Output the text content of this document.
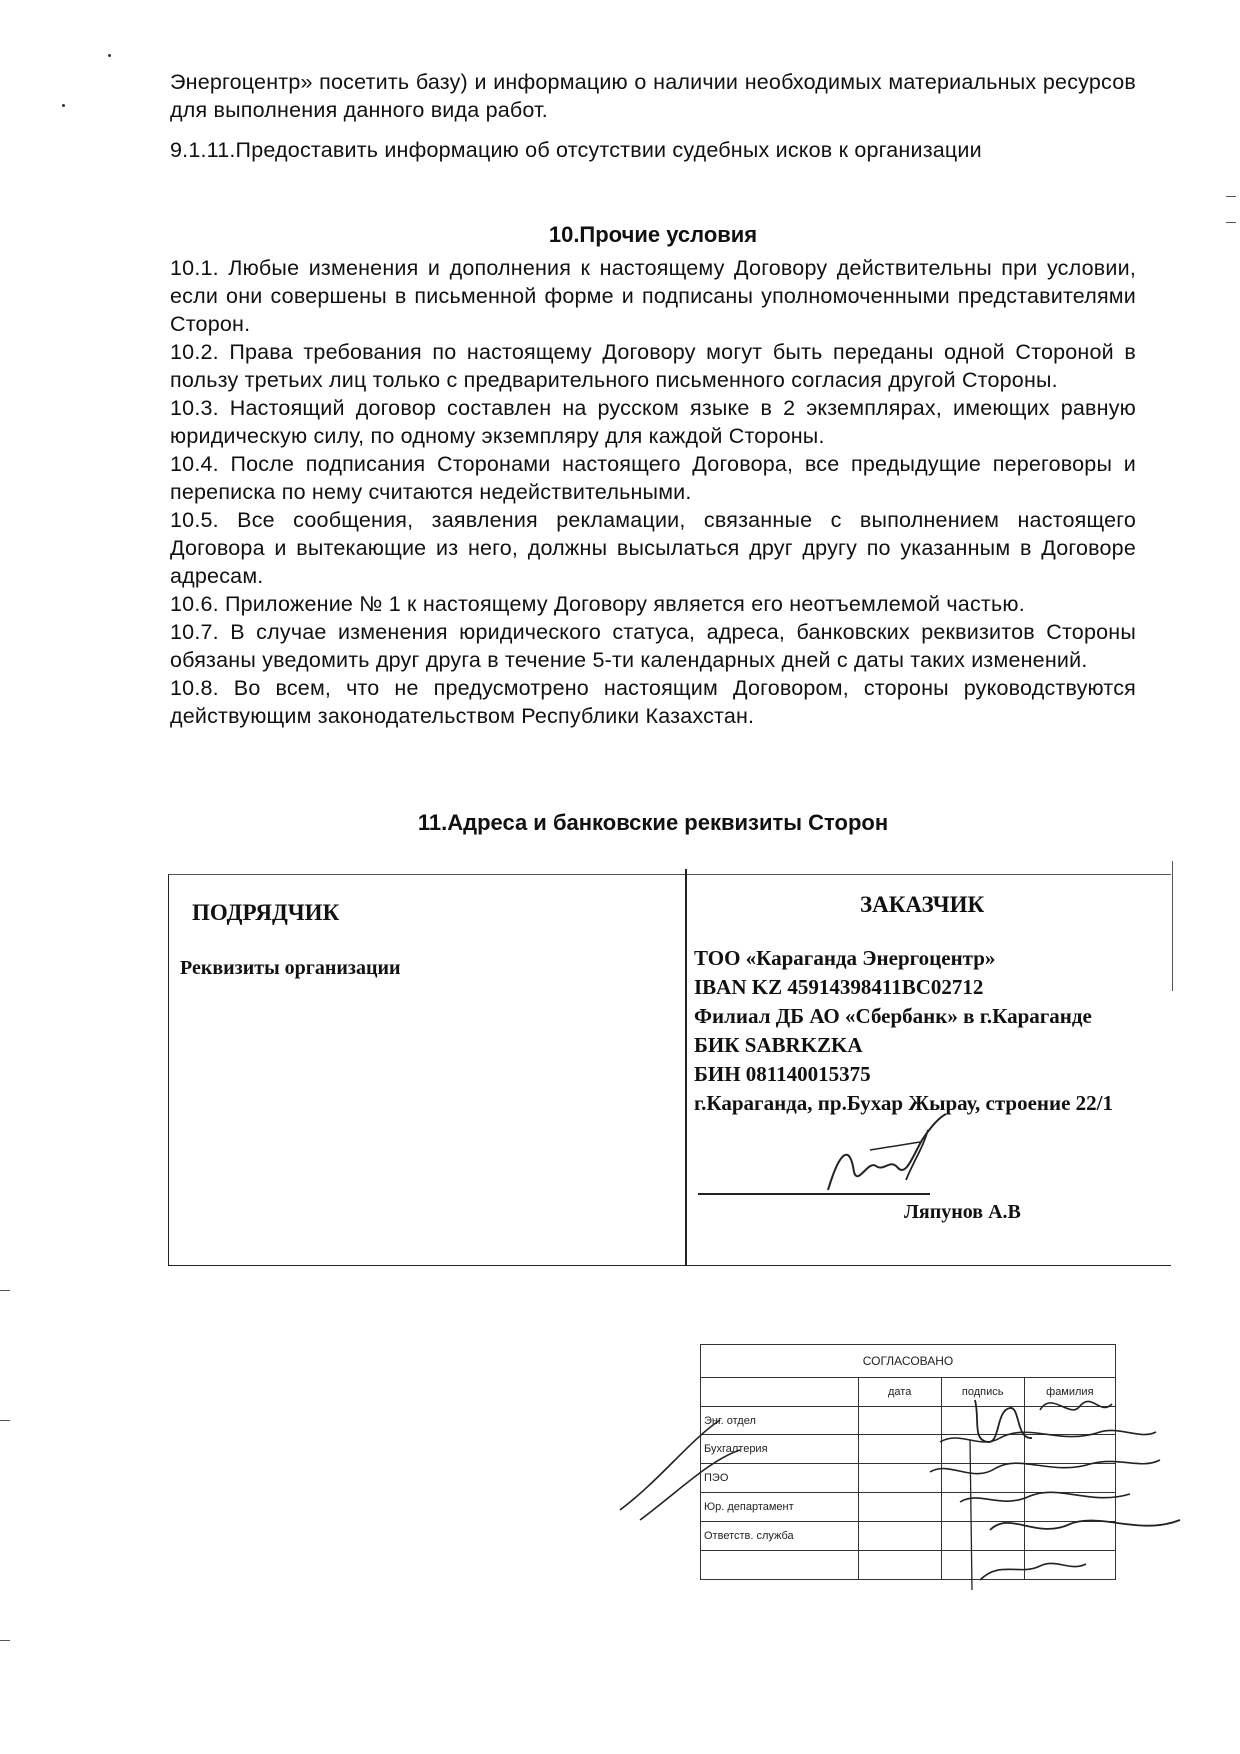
Энергоцентр» посетить базу) и информацию о наличии необходимых материальных ресурсов для выполнения данного вида работ.
9.1.11.Предоставить информацию об отсутствии судебных исков к организации
10.Прочие условия
10.1. Любые изменения и дополнения к настоящему Договору действительны при условии, если они совершены в письменной форме и подписаны уполномоченными представителями Сторон.
10.2. Права требования по настоящему Договору могут быть переданы одной Стороной в пользу третьих лиц только с предварительного письменного согласия другой Стороны.
10.3. Настоящий договор составлен на русском языке в 2 экземплярах, имеющих равную юридическую силу, по одному экземпляру для каждой Стороны.
10.4. После подписания Сторонами настоящего Договора, все предыдущие переговоры и переписка по нему считаются недействительными.
10.5. Все сообщения, заявления рекламации, связанные с выполнением настоящего Договора и вытекающие из него, должны высылаться друг другу по указанным в Договоре адресам.
10.6. Приложение № 1 к настоящему Договору является его неотъемлемой частью.
10.7. В случае изменения юридического статуса, адреса, банковских реквизитов Стороны обязаны уведомить друг друга в течение 5-ти календарных дней с даты таких изменений.
10.8. Во всем, что не предусмотрено настоящим Договором, стороны руководствуются действующим законодательством Республики Казахстан.
11.Адреса и банковские реквизиты Сторон
ПОДРЯДЧИК
Реквизиты организации
ЗАКАЗЧИК
ТОО «Караганда Энергоцентр»
IBAN KZ 45914398411BC02712
Филиал ДБ АО «Сбербанк» в г.Караганде
БИК SABRKZKA
БИН 081140015375
г.Караганда, пр.Бухар Жырау, строение 22/1
Ляпунов А.В
СОГЛАСОВАНО			
	дата	подпись	фамилия
Энг. отдел			
Бухгалтерия			
ПЭО			
Юр. департамент			
Ответств. служба			
